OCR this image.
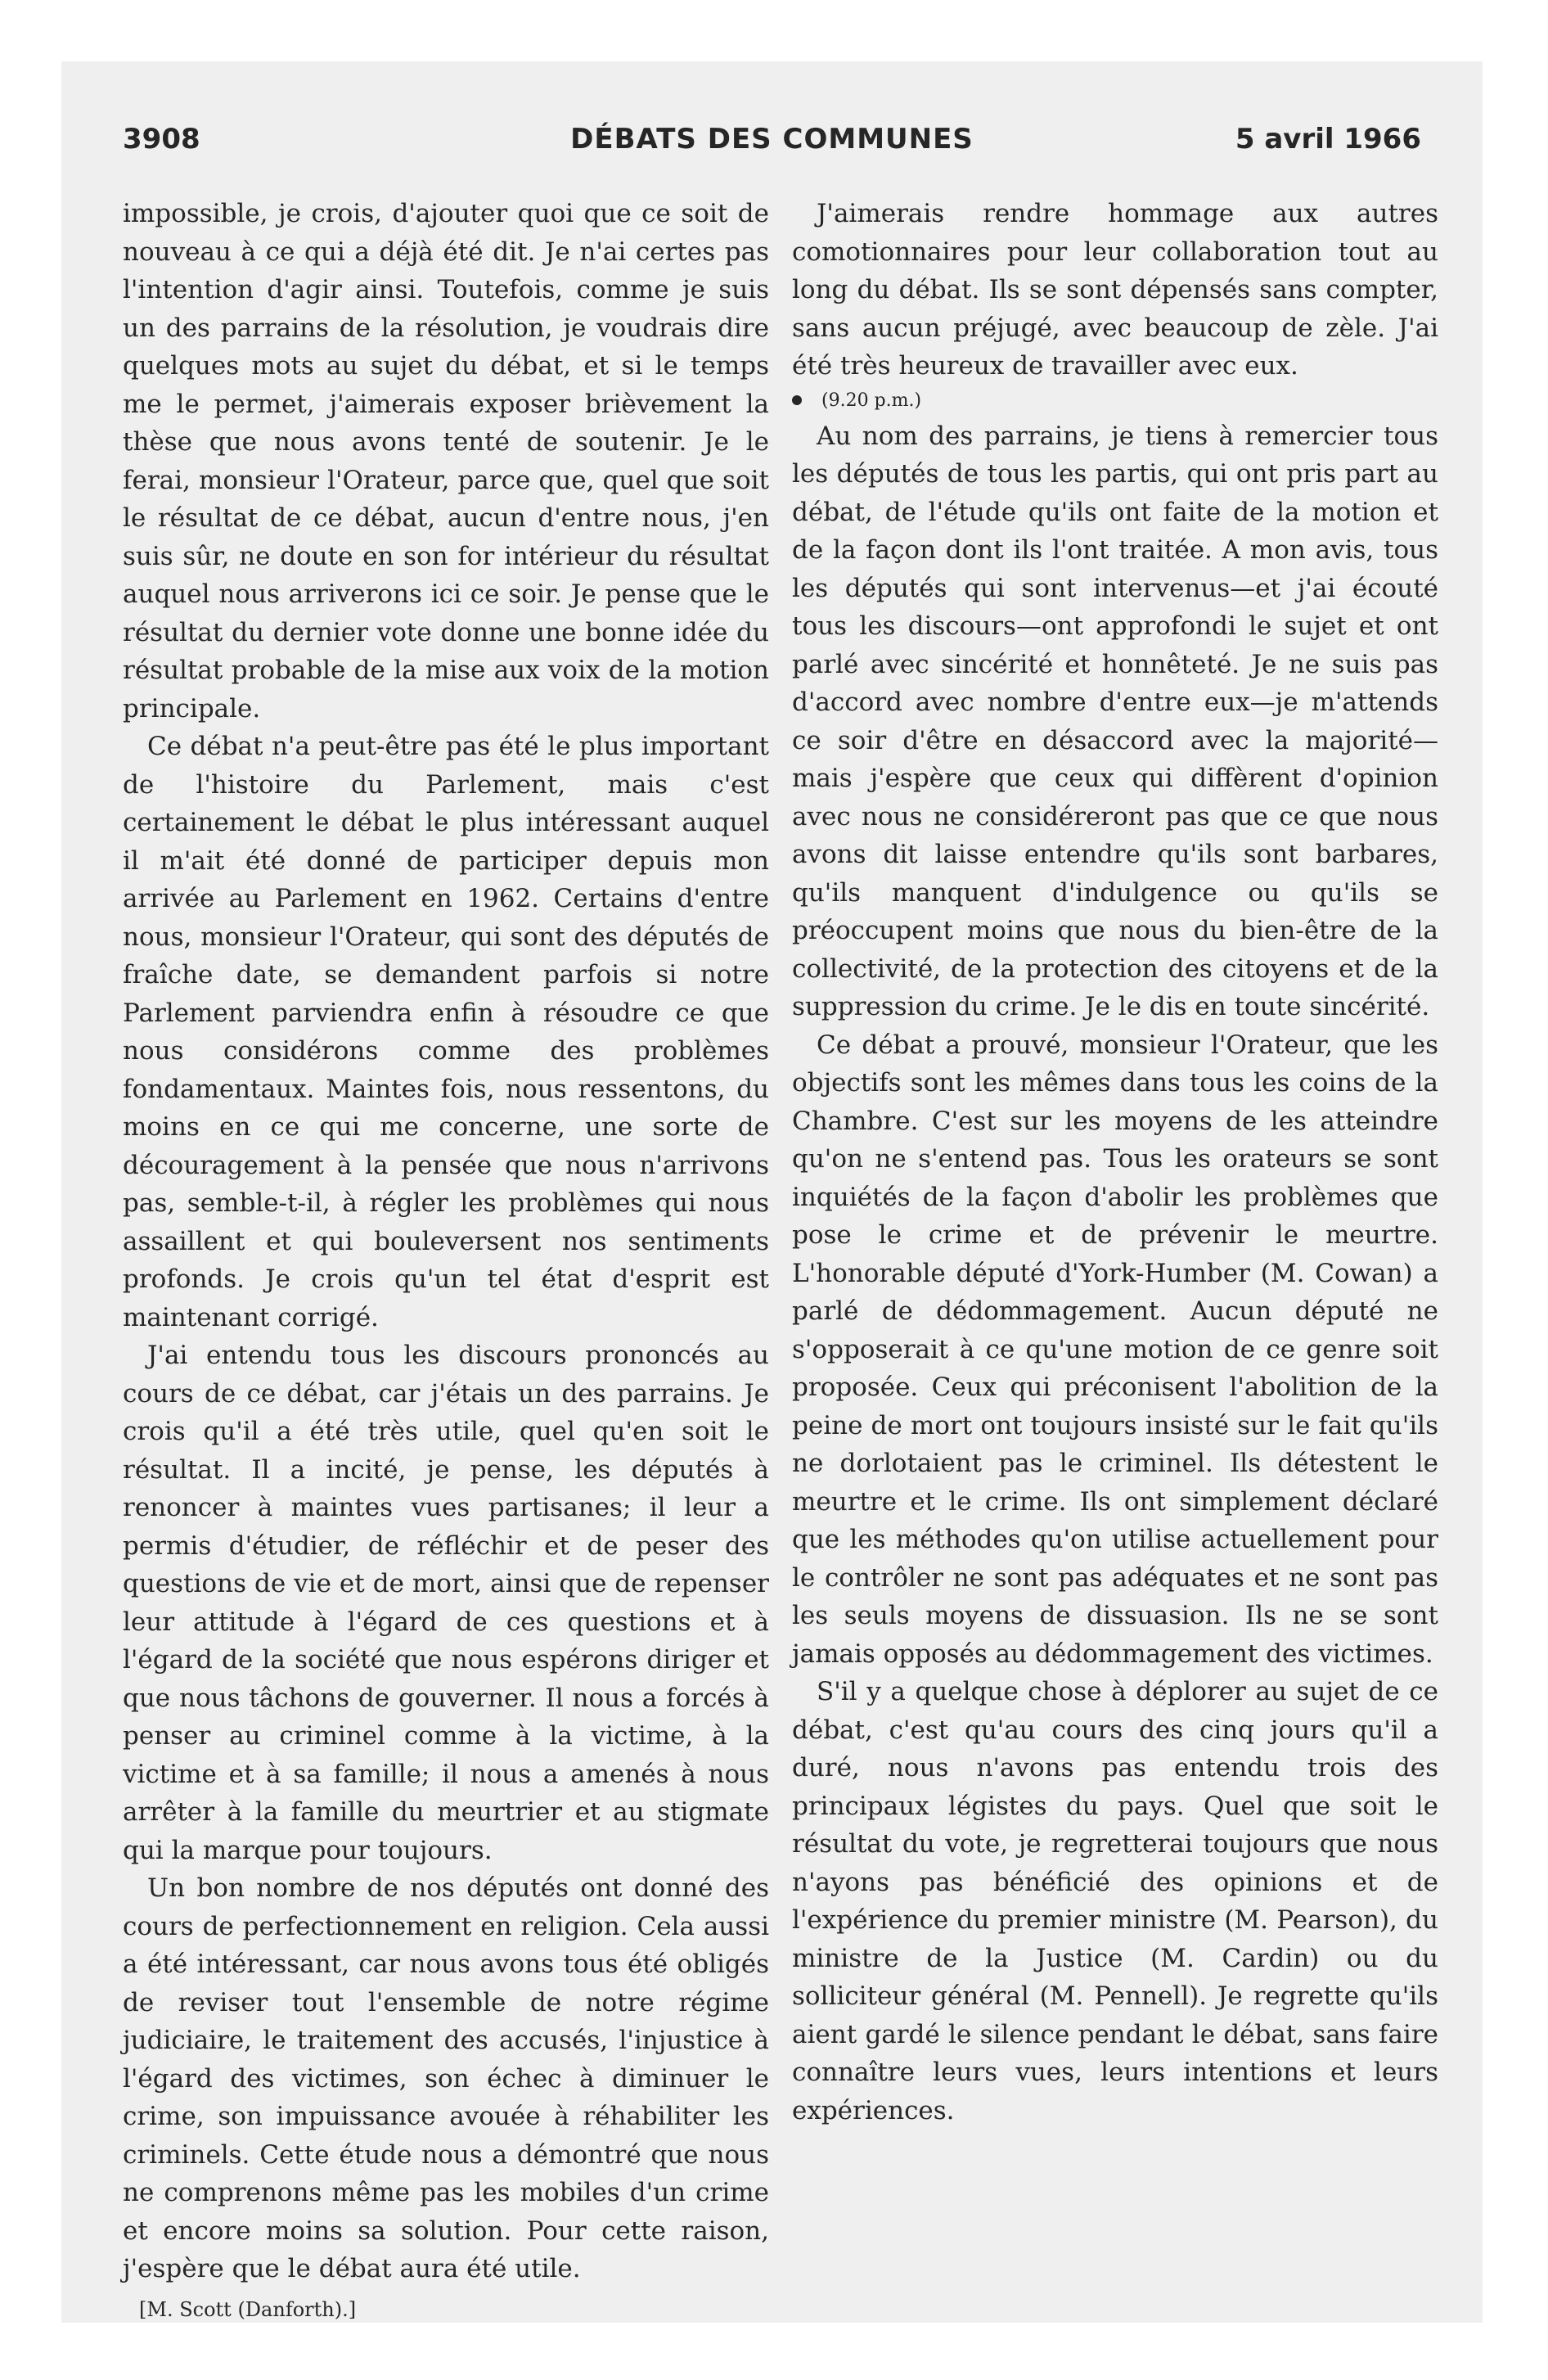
3908	DÉBATS DES COMMUNES	5 avril 1966

impossible, je crois, d'ajouter quoi que ce soit de nouveau à ce qui a déjà été dit. Je n'ai certes pas l'intention d'agir ainsi. Toutefois, comme je suis un des parrains de la résolution, je voudrais dire quelques mots au sujet du débat, et si le temps me le permet, j'aimerais exposer brièvement la thèse que nous avons tenté de soutenir. Je le ferai, monsieur l'Orateur, parce que, quel que soit le résultat de ce débat, aucun d'entre nous, j'en suis sûr, ne doute en son for intérieur du résultat auquel nous arriverons ici ce soir. Je pense que le résultat du dernier vote donne une bonne idée du résultat probable de la mise aux voix de la motion principale.

Ce débat n'a peut-être pas été le plus important de l'histoire du Parlement, mais c'est certainement le débat le plus intéressant auquel il m'ait été donné de participer depuis mon arrivée au Parlement en 1962. Certains d'entre nous, monsieur l'Orateur, qui sont des députés de fraîche date, se demandent parfois si notre Parlement parviendra enfin à résoudre ce que nous considérons comme des problèmes fondamentaux. Maintes fois, nous ressentons, du moins en ce qui me concerne, une sorte de découragement à la pensée que nous n'arrivons pas, semble-t-il, à régler les problèmes qui nous assaillent et qui bouleversent nos sentiments profonds. Je crois qu'un tel état d'esprit est maintenant corrigé.

J'ai entendu tous les discours prononcés au cours de ce débat, car j'étais un des parrains. Je crois qu'il a été très utile, quel qu'en soit le résultat. Il a incité, je pense, les députés à renoncer à maintes vues partisanes; il leur a permis d'étudier, de réfléchir et de peser des questions de vie et de mort, ainsi que de repenser leur attitude à l'égard de ces questions et à l'égard de la société que nous espérons diriger et que nous tâchons de gouverner. Il nous a forcés à penser au criminel comme à la victime, à la victime et à sa famille; il nous a amenés à nous arrêter à la famille du meurtrier et au stigmate qui la marque pour toujours.

Un bon nombre de nos députés ont donné des cours de perfectionnement en religion. Cela aussi a été intéressant, car nous avons tous été obligés de reviser tout l'ensemble de notre régime judiciaire, le traitement des accusés, l'injustice à l'égard des victimes, son échec à diminuer le crime, son impuissance avouée à réhabiliter les criminels. Cette étude nous a démontré que nous ne comprenons même pas les mobiles d'un crime et encore moins sa solution. Pour cette raison, j'espère que le débat aura été utile.

[M. Scott (Danforth).]

J'aimerais rendre hommage aux autres comotionnaires pour leur collaboration tout au long du débat. Ils se sont dépensés sans compter, sans aucun préjugé, avec beaucoup de zèle. J'ai été très heureux de travailler avec eux.

(9.20 p.m.)

Au nom des parrains, je tiens à remercier tous les députés de tous les partis, qui ont pris part au débat, de l'étude qu'ils ont faite de la motion et de la façon dont ils l'ont traitée. A mon avis, tous les députés qui sont intervenus—et j'ai écouté tous les discours—ont approfondi le sujet et ont parlé avec sincérité et honnêteté. Je ne suis pas d'accord avec nombre d'entre eux—je m'attends ce soir d'être en désaccord avec la majorité—mais j'espère que ceux qui diffèrent d'opinion avec nous ne considéreront pas que ce que nous avons dit laisse entendre qu'ils sont barbares, qu'ils manquent d'indulgence ou qu'ils se préoccupent moins que nous du bien-être de la collectivité, de la protection des citoyens et de la suppression du crime. Je le dis en toute sincérité.

Ce débat a prouvé, monsieur l'Orateur, que les objectifs sont les mêmes dans tous les coins de la Chambre. C'est sur les moyens de les atteindre qu'on ne s'entend pas. Tous les orateurs se sont inquiétés de la façon d'abolir les problèmes que pose le crime et de prévenir le meurtre. L'honorable député d'York-Humber (M. Cowan) a parlé de dédommagement. Aucun député ne s'opposerait à ce qu'une motion de ce genre soit proposée. Ceux qui préconisent l'abolition de la peine de mort ont toujours insisté sur le fait qu'ils ne dorlotaient pas le criminel. Ils détestent le meurtre et le crime. Ils ont simplement déclaré que les méthodes qu'on utilise actuellement pour le contrôler ne sont pas adéquates et ne sont pas les seuls moyens de dissuasion. Ils ne se sont jamais opposés au dédommagement des victimes.

S'il y a quelque chose à déplorer au sujet de ce débat, c'est qu'au cours des cinq jours qu'il a duré, nous n'avons pas entendu trois des principaux légistes du pays. Quel que soit le résultat du vote, je regretterai toujours que nous n'ayons pas bénéficié des opinions et de l'expérience du premier ministre (M. Pearson), du ministre de la Justice (M. Cardin) ou du solliciteur général (M. Pennell). Je regrette qu'ils aient gardé le silence pendant le débat, sans faire connaître leurs vues, leurs intentions et leurs expériences.
